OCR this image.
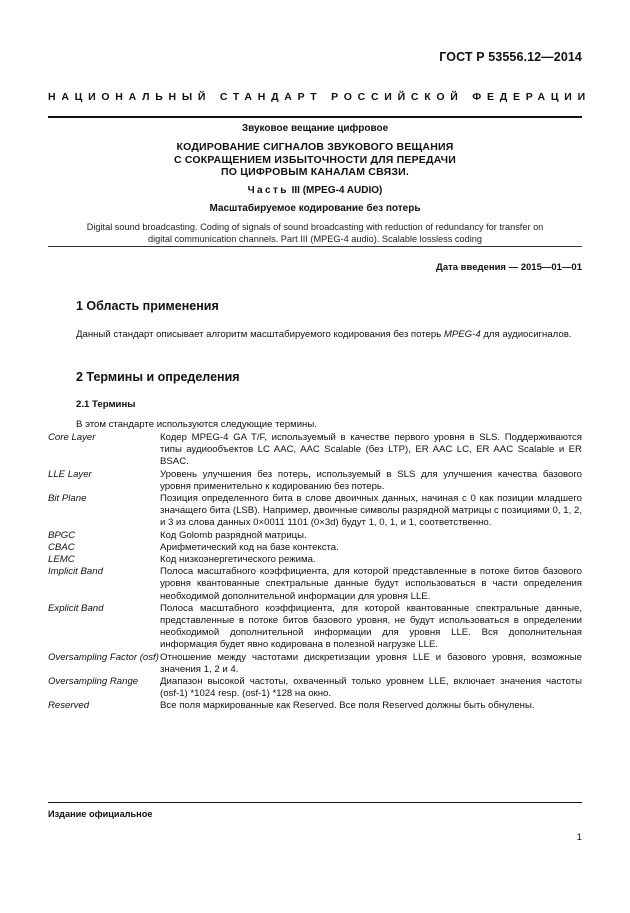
ГОСТ Р 53556.12—2014
НАЦИОНАЛЬНЫЙ СТАНДАРТ РОССИЙСКОЙ ФЕДЕРАЦИИ
Звуковое вещание цифровое
КОДИРОВАНИЕ СИГНАЛОВ ЗВУКОВОГО ВЕЩАНИЯ
С СОКРАЩЕНИЕМ ИЗБЫТОЧНОСТИ ДЛЯ ПЕРЕДАЧИ
ПО ЦИФРОВЫМ КАНАЛАМ СВЯЗИ.
Часть III (MPEG-4 AUDIO)
Масштабируемое кодирование без потерь
Digital sound broadcasting. Coding of signals of sound broadcasting with reduction of redundancy for transfer on
digital communication channels. Part III (MPEG-4 audio). Scalable lossless coding
Дата введения — 2015—01—01
1 Область применения
Данный стандарт описывает алгоритм масштабируемого кодирования без потерь MPEG-4 для аудиосигналов.
2 Термины и определения
2.1 Термины
В этом стандарте используются следующие термины.
Core Layer	Кодер MPEG-4 GA T/F, используемый в качестве первого уровня в SLS. Поддерживаются типы аудиообъектов LC AAC, AAC Scalable (без LTP), ER AAC LC, ER AAC Scalable и ER BSAC.
LLE Layer	Уровень улучшения без потерь, используемый в SLS для улучшения качества базового уровня применительно к кодированию без потерь.
Bit Plane	Позиция определенного бита в слове двоичных данных, начиная с 0 как позиции младшего значащего бита (LSB). Например, двоичные символы разрядной матрицы с позициями 0, 1, 2, и 3 из слова данных 0×0011 1101 (0×3d) будут 1, 0, 1, и 1, соответственно.
BPGC	Код Golomb разрядной матрицы.
CBAC	Арифметический код на базе контекста.
LEMC	Код низкоэнергетического режима.
Implicit Band	Полоса масштабного коэффициента, для которой представленные в потоке битов базового уровня квантованные спектральные данные будут использоваться в части определения необходимой дополнительной информации для уровня LLE.
Explicit Band	Полоса масштабного коэффициента, для которой квантованные спектральные данные, представленные в потоке битов базового уровня, не будут использоваться в определении необходимой дополнительной информации для уровня LLE. Вся дополнительная информация будет явно кодирована в полезной нагрузке LLE.
Oversampling Factor (osf) Отношение между частотами дискретизации уровня LLE и базового уровня, возможные значения 1, 2 и 4.
Oversampling Range	Диапазон высокой частоты, охваченный только уровнем LLE, включает значения частоты (osf-1) *1024 resp. (osf-1) *128 на окно.
Reserved	Все поля маркированные как Reserved. Все поля Reserved должны быть обнулены.
Издание официальное
1
